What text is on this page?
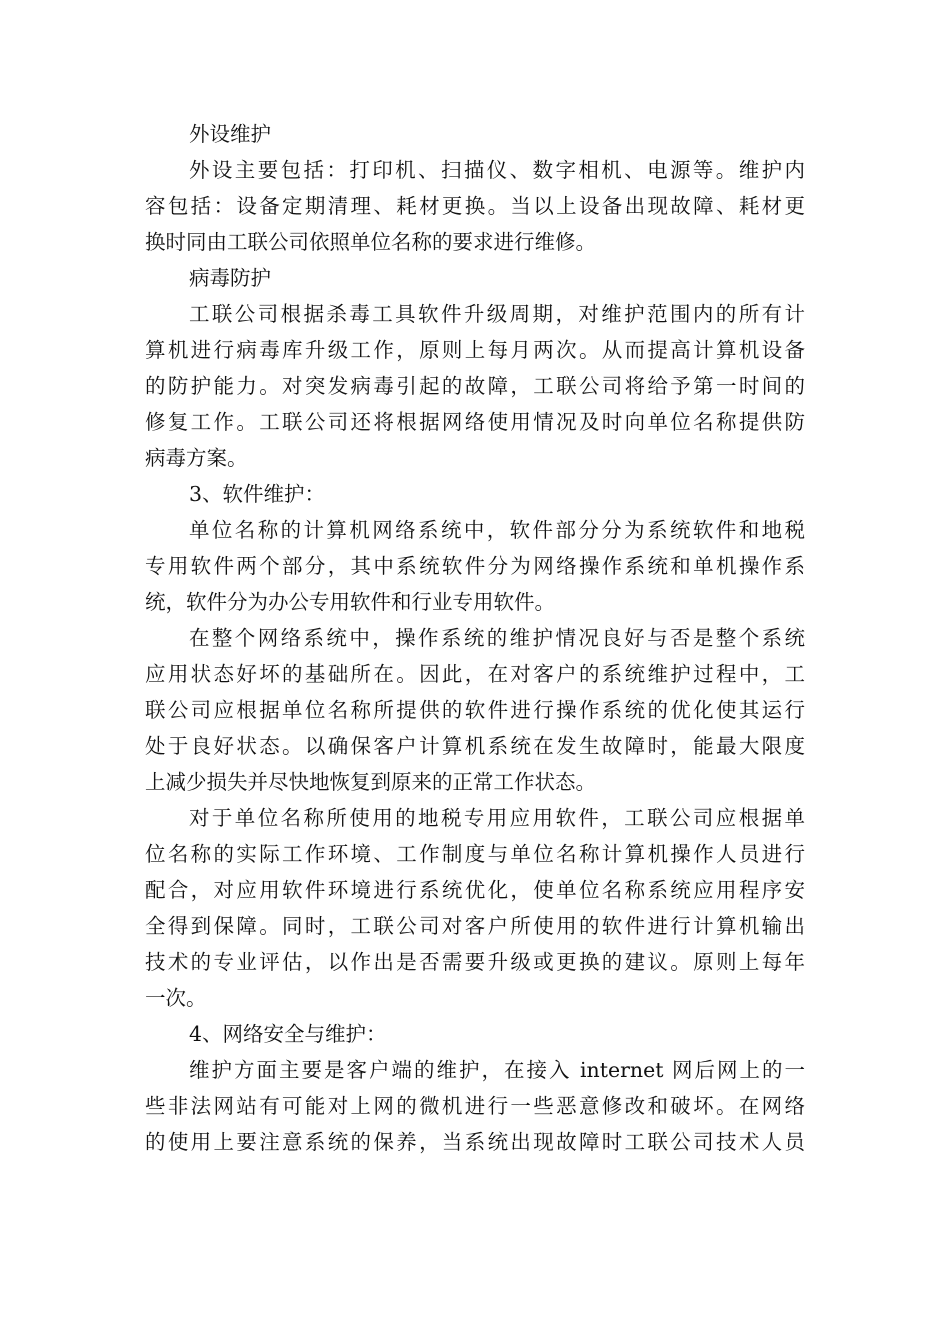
外设维护
外设主要包括：打印机、扫描仪、数字相机、电源等。维护内
容包括：设备定期清理、耗材更换。当以上设备出现故障、耗材更
换时同由工联公司依照单位名称的要求进行维修。
病毒防护
工联公司根据杀毒工具软件升级周期，对维护范围内的所有计
算机进行病毒库升级工作，原则上每月两次。从而提高计算机设备
的防护能力。对突发病毒引起的故障，工联公司将给予第一时间的
修复工作。工联公司还将根据网络使用情况及时向单位名称提供防
病毒方案。
3、软件维护：
单位名称的计算机网络系统中，软件部分分为系统软件和地税
专用软件两个部分，其中系统软件分为网络操作系统和单机操作系
统，软件分为办公专用软件和行业专用软件。
在整个网络系统中，操作系统的维护情况良好与否是整个系统
应用状态好坏的基础所在。因此，在对客户的系统维护过程中，工
联公司应根据单位名称所提供的软件进行操作系统的优化使其运行
处于良好状态。以确保客户计算机系统在发生故障时，能最大限度
上减少损失并尽快地恢复到原来的正常工作状态。
对于单位名称所使用的地税专用应用软件，工联公司应根据单
位名称的实际工作环境、工作制度与单位名称计算机操作人员进行
配合，对应用软件环境进行系统优化，使单位名称系统应用程序安
全得到保障。同时，工联公司对客户所使用的软件进行计算机输出
技术的专业评估，以作出是否需要升级或更换的建议。原则上每年
一次。
4、网络安全与维护：
维护方面主要是客户端的维护，在接入 internet 网后网上的一
些非法网站有可能对上网的微机进行一些恶意修改和破坏。在网络
的使用上要注意系统的保养，当系统出现故障时工联公司技术人员
